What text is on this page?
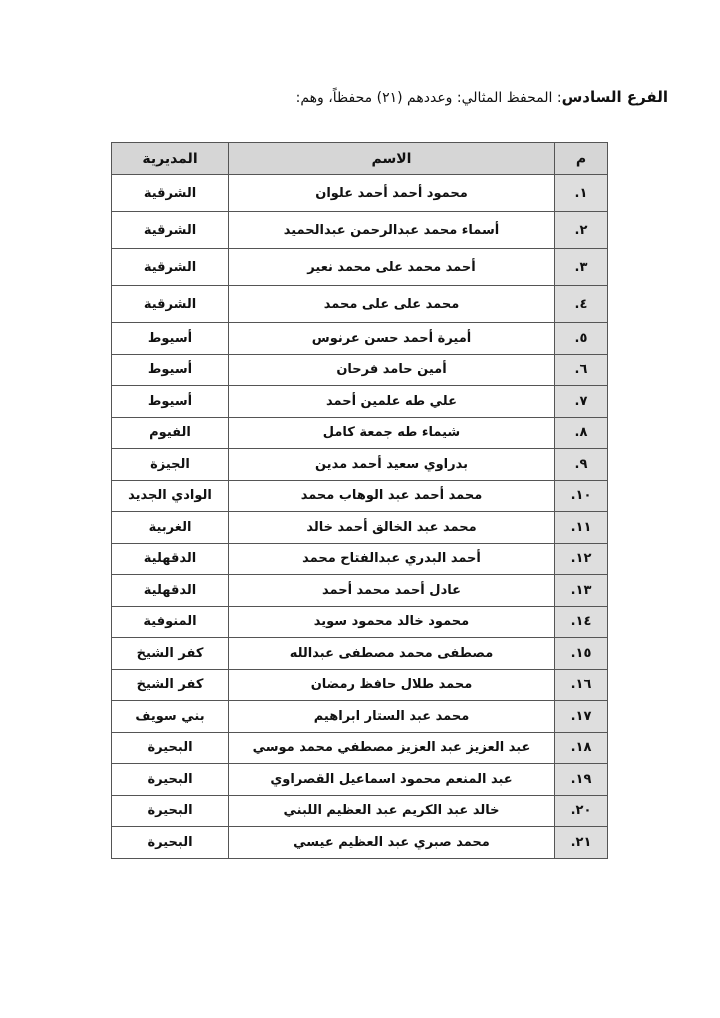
الفرع السادس: المحفظ المثالي: وعددهم (٢١) محفظاً، وهم:
م	الاسم	المديرية
١.	محمود أحمد أحمد علوان	الشرقية
٢.	أسماء محمد عبدالرحمن عبدالحميد	الشرقية
٣.	أحمد محمد على محمد نعير	الشرقية
٤.	محمد على على محمد	الشرقية
٥.	أميرة أحمد حسن عرنوس	أسيوط
٦.	أمين حامد فرحان	أسيوط
٧.	علي طه علمين أحمد	أسيوط
٨.	شيماء طه جمعة كامل	الفيوم
٩.	بدراوي سعيد أحمد مدين	الجيزة
١٠.	محمد أحمد عبد الوهاب محمد	الوادي الجديد
١١.	محمد عبد الخالق أحمد خالد	الغربية
١٢.	أحمد البدري عبدالفتاح محمد	الدقهلية
١٣.	عادل أحمد محمد أحمد	الدقهلية
١٤.	محمود خالد محمود سويد	المنوفية
١٥.	مصطفى محمد مصطفى عبدالله	كفر الشيخ
١٦.	محمد طلال حافظ رمضان	كفر الشيخ
١٧.	محمد عبد الستار ابراهيم	بني سويف
١٨.	عبد العزيز عبد العزيز مصطفي محمد موسي	البحيرة
١٩.	عبد المنعم محمود اسماعيل القصراوي	البحيرة
٢٠.	خالد عبد الكريم عبد العظيم اللبني	البحيرة
٢١.	محمد صبري عبد العظيم عيسي	البحيرة
